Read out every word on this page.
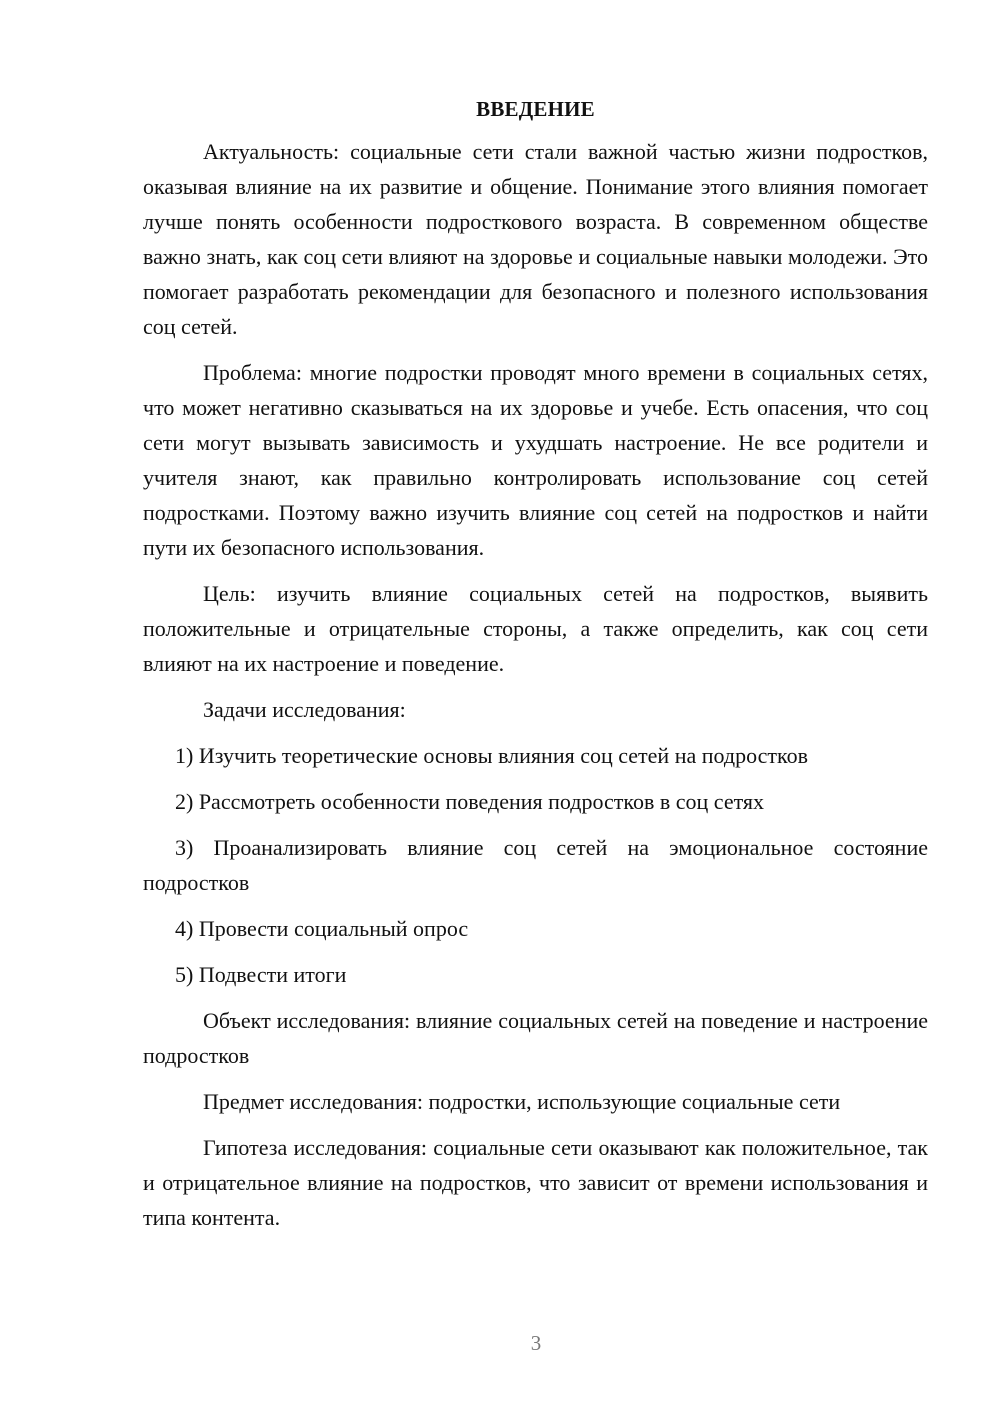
ВВЕДЕНИЕ

Актуальность: социальные сети стали важной частью жизни подростков, оказывая влияние на их развитие и общение. Понимание этого влияния помогает лучше понять особенности подросткового возраста. В современном обществе важно знать, как соц сети влияют на здоровье и социальные навыки молодежи. Это помогает разработать рекомендации для безопасного и полезного использования соц сетей.

Проблема: многие подростки проводят много времени в социальных сетях, что может негативно сказываться на их здоровье и учебе. Есть опасения, что соц сети могут вызывать зависимость и ухудшать настроение. Не все родители и учителя знают, как правильно контролировать использование соц сетей подростками. Поэтому важно изучить влияние соц сетей на подростков и найти пути их безопасного использования.

Цель: изучить влияние социальных сетей на подростков, выявить положительные и отрицательные стороны, а также определить, как соц сети влияют на их настроение и поведение.

Задачи исследования:

1) Изучить теоретические основы влияния соц сетей на подростков

2) Рассмотреть особенности поведения подростков в соц сетях

3) Проанализировать влияние соц сетей на эмоциональное состояние подростков

4) Провести социальный опрос

5) Подвести итоги

Объект исследования: влияние социальных сетей на поведение и настроение подростков

Предмет исследования: подростки, использующие социальные сети

Гипотеза исследования: социальные сети оказывают как положительное, так и отрицательное влияние на подростков, что зависит от времени использования и типа контента.

3
